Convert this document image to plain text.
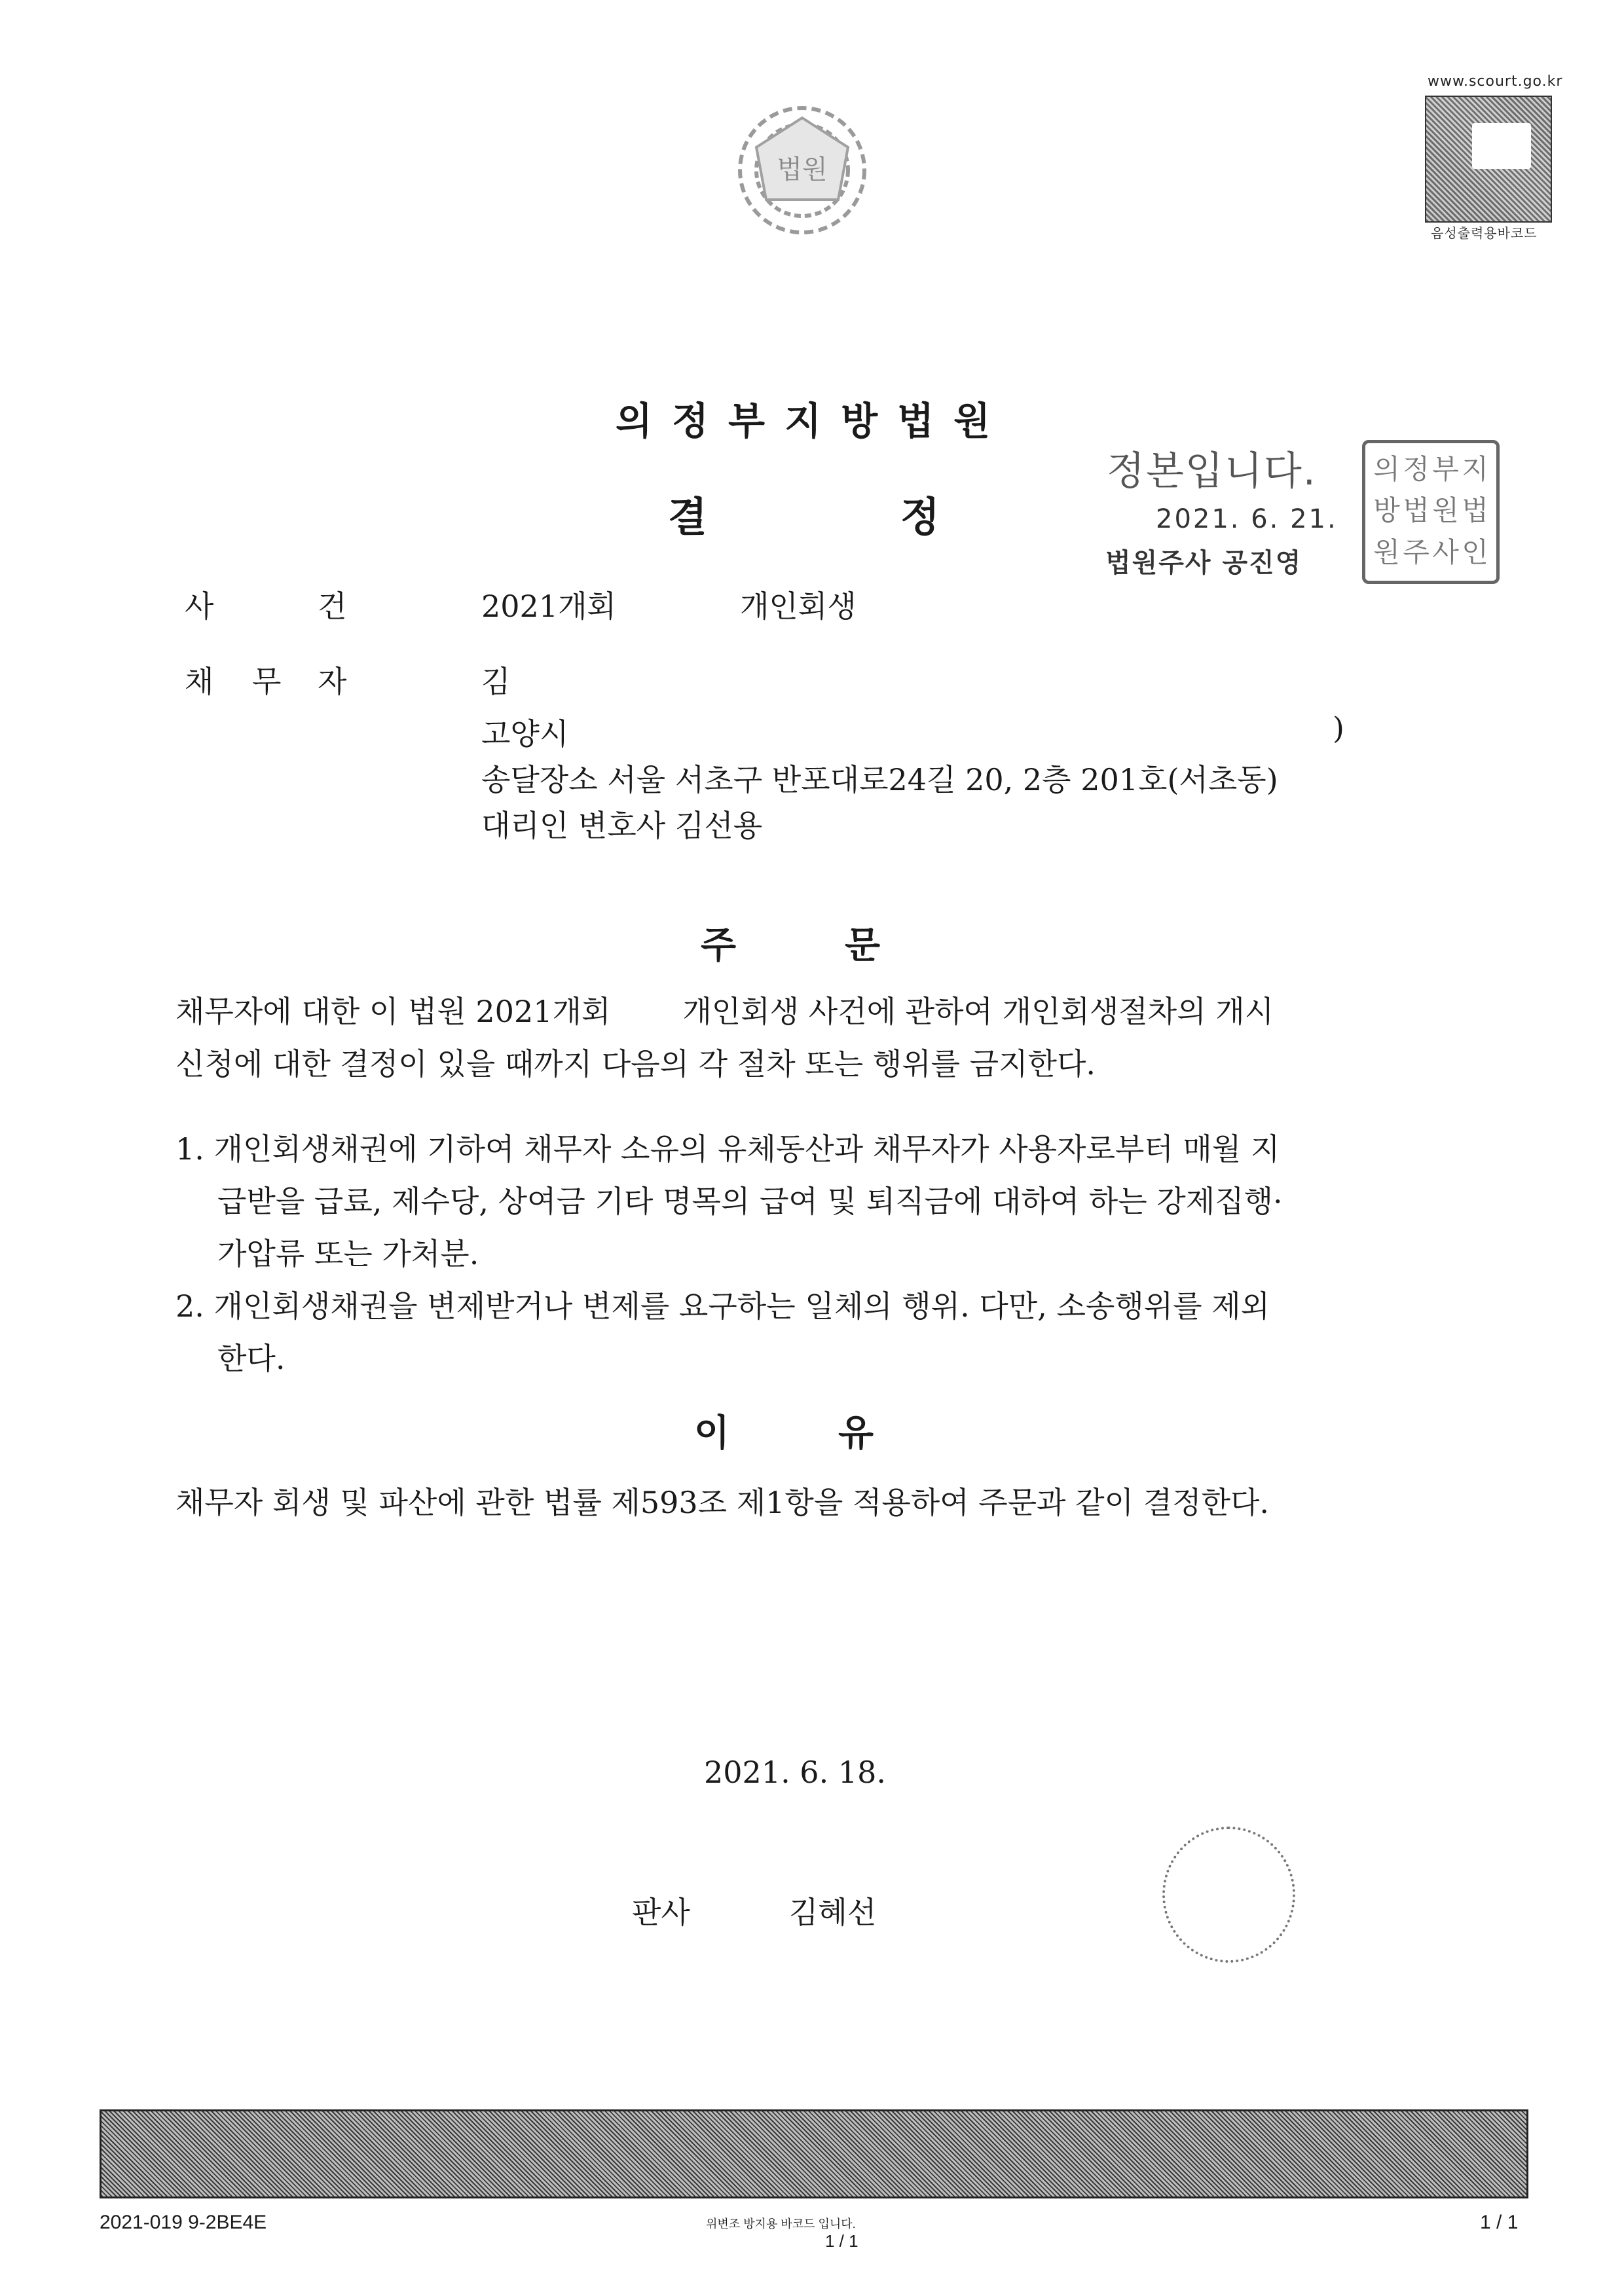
법원
www.scourt.go.kr
음성출력용바코드
의정부지방법원
결	정
정본입니다.
2021. 6. 21.
법원주사 공진영
의 정 부 지
방 법 원 법
원 주 사 인
사	건	2021개회	개인회생
채 무 자	김
고양시	)
송달장소 서울 서초구 반포대로24길 20, 2층 201호(서초동)
대리인 변호사 김선용
주	문
채무자에 대한 이 법원 2021개회 개인회생 사건에 관하여 개인회생절차의 개시
신청에 대한 결정이 있을 때까지 다음의 각 절차 또는 행위를 금지한다.
1. 개인회생채권에 기하여 채무자 소유의 유체동산과 채무자가 사용자로부터 매월 지
급받을 급료, 제수당, 상여금 기타 명목의 급여 및 퇴직금에 대하여 하는 강제집행·
가압류 또는 가처분.
2. 개인회생채권을 변제받거나 변제를 요구하는 일체의 행위. 다만, 소송행위를 제외
한다.
이	유
채무자 회생 및 파산에 관한 법률 제593조 제1항을 적용하여 주문과 같이 결정한다.
2021. 6. 18.
판사	김혜선
2021-019 9-2BE4E	위변조 방지용 바코드 입니다.
1 / 1
1 / 1
